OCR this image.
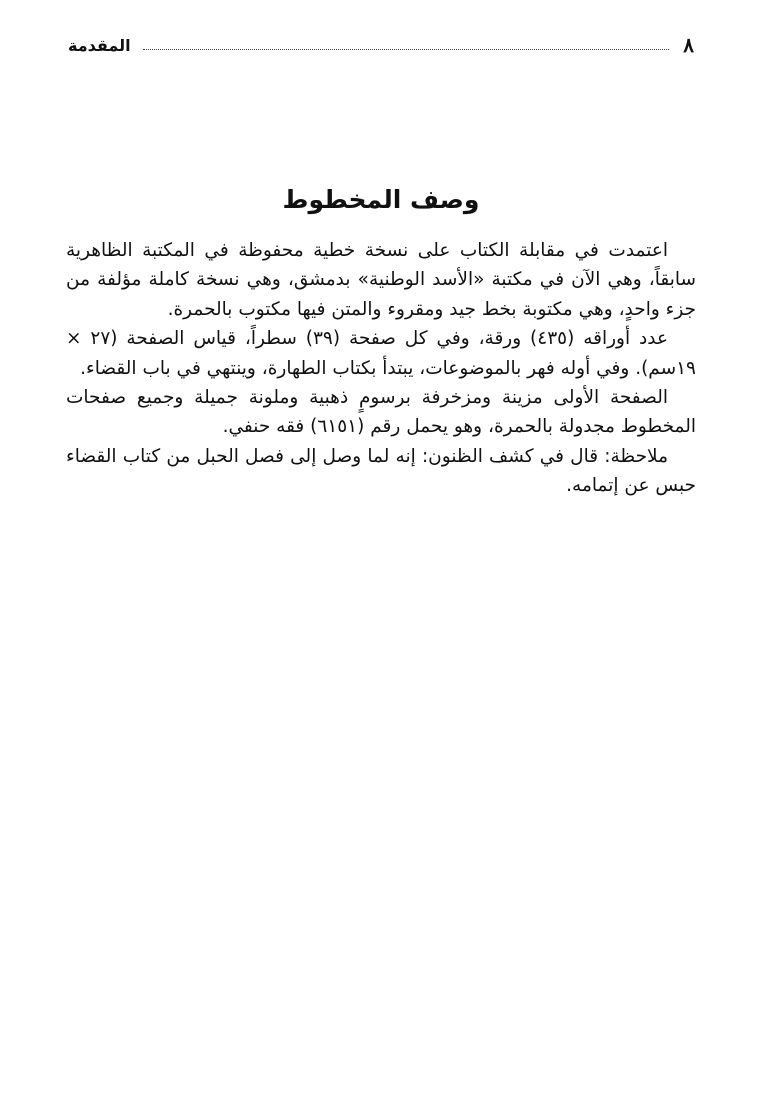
٨
المقدمة
وصف المخطوط

اعتمدت في مقابلة الكتاب على نسخة خطية محفوظة في المكتبة الظاهرية سابقاً، وهي الآن في مكتبة «الأسد الوطنية» بدمشق، وهي نسخة كاملة مؤلفة من جزء واحدٍ، وهي مكتوبة بخط جيد ومقروء والمتن فيها مكتوب بالحمرة.

عدد أوراقه (٤٣٥) ورقة، وفي كل صفحة (٣٩) سطراً، قياس الصفحة (٢٧ × ١٩سم). وفي أوله فهر بالموضوعات، يبتدأ بكتاب الطهارة، وينتهي في باب القضاء.

الصفحة الأولى مزينة ومزخرفة برسومٍ ذهبية وملونة جميلة وجميع صفحات المخطوط مجدولة بالحمرة، وهو يحمل رقم (٦١٥١) فقه حنفي.

ملاحظة: قال في كشف الظنون: إنه لما وصل إلى فصل الحبل من كتاب القضاء حبس عن إتمامه.
